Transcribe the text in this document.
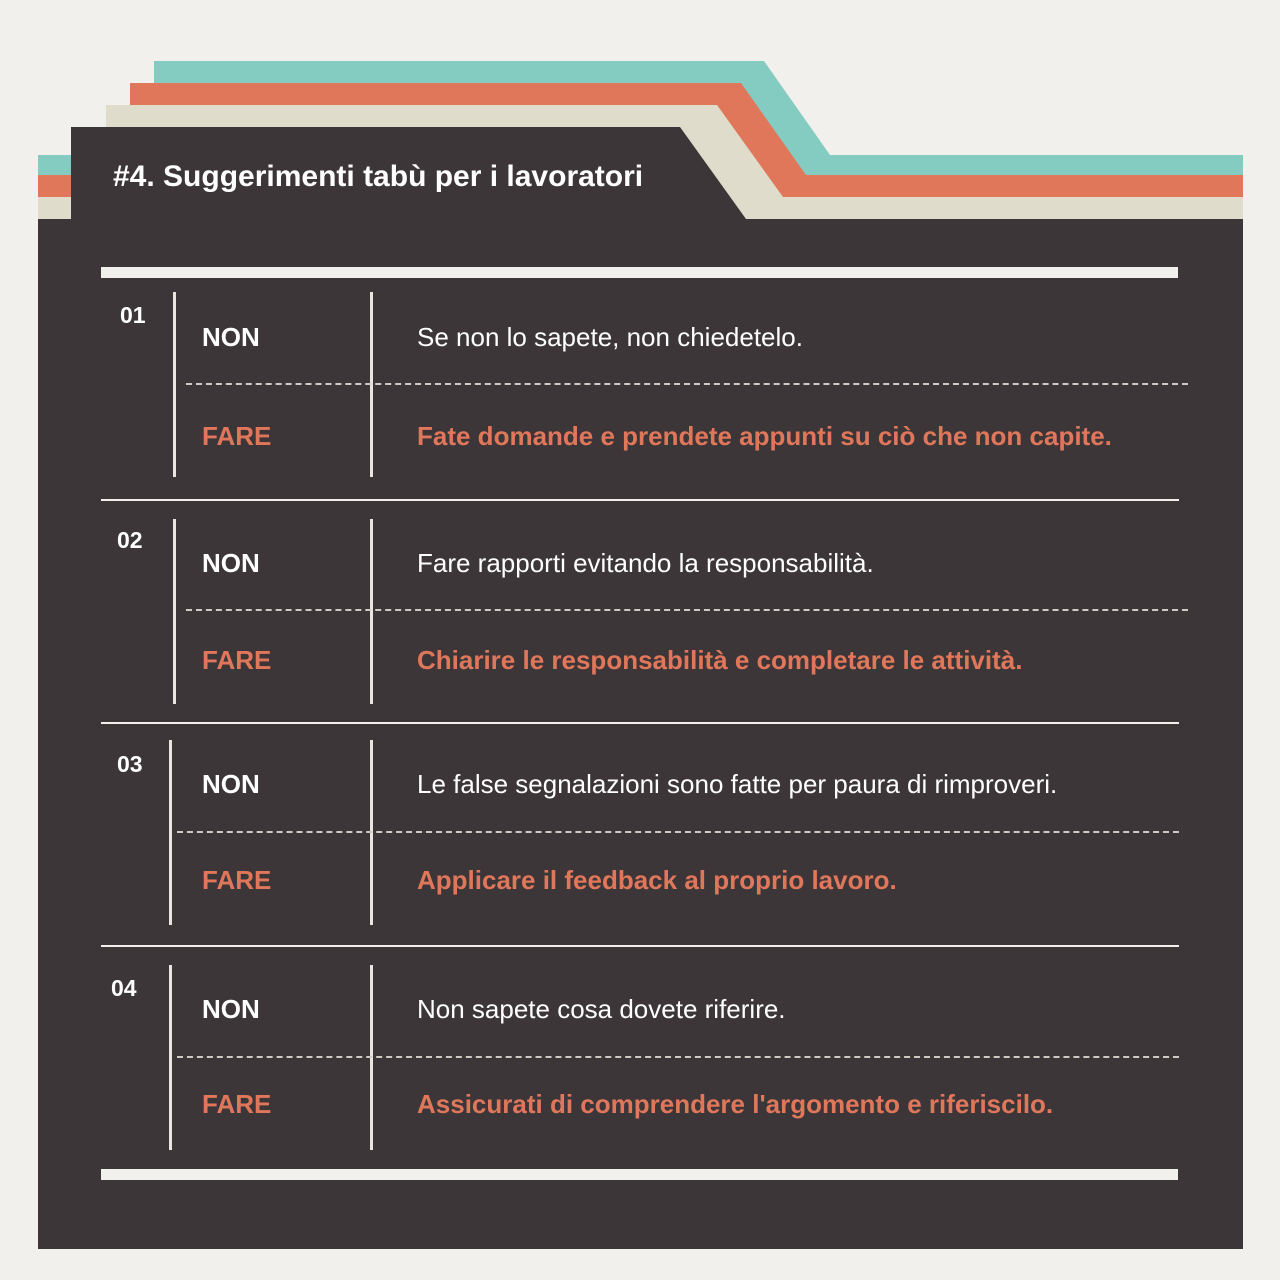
#4. Suggerimenti tabù per i lavoratori
01
NON	Se non lo sapete, non chiedetelo.
FARE	Fate domande e prendete appunti su ciò che non capite.
02
NON	Fare rapporti evitando la responsabilità.
FARE	Chiarire le responsabilità e completare le attività.
03
NON	Le false segnalazioni sono fatte per paura di rimproveri.
FARE	Applicare il feedback al proprio lavoro.
04
NON	Non sapete cosa dovete riferire.
FARE	Assicurati di comprendere l'argomento e riferiscilo.
